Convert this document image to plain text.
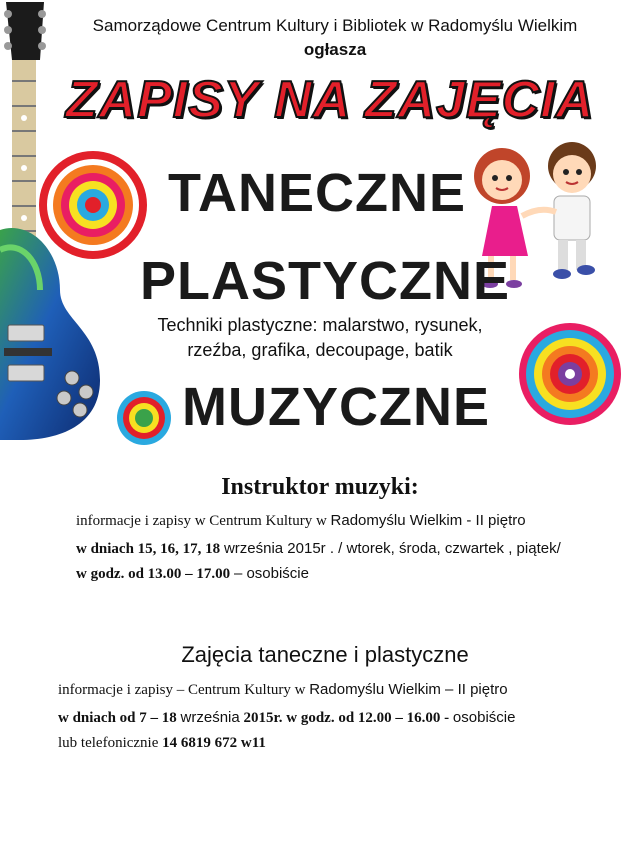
Samorządowe Centrum Kultury i Bibliotek w Radomyślu Wielkim
ogłasza
ZAPISY NA ZAJĘCIA
TANECZNE
PLASTYCZNE
Techniki plastyczne: malarstwo, rysunek,
rzeźba, grafika, decoupage, batik
MUZYCZNE
Instruktor muzyki:
informacje i zapisy w Centrum Kultury w Radomyślu Wielkim - II piętro
w dniach 15, 16, 17, 18 września 2015r . / wtorek, środa, czwartek , piątek/
w godz. od 13.00 – 17.00 – osobiście
Zajęcia taneczne i plastyczne
informacje i zapisy – Centrum Kultury w Radomyślu Wielkim – II piętro
w dniach od 7 – 18 września 2015r. w godz. od 12.00 – 16.00 - osobiście
lub telefonicznie 14 6819 672 w11
